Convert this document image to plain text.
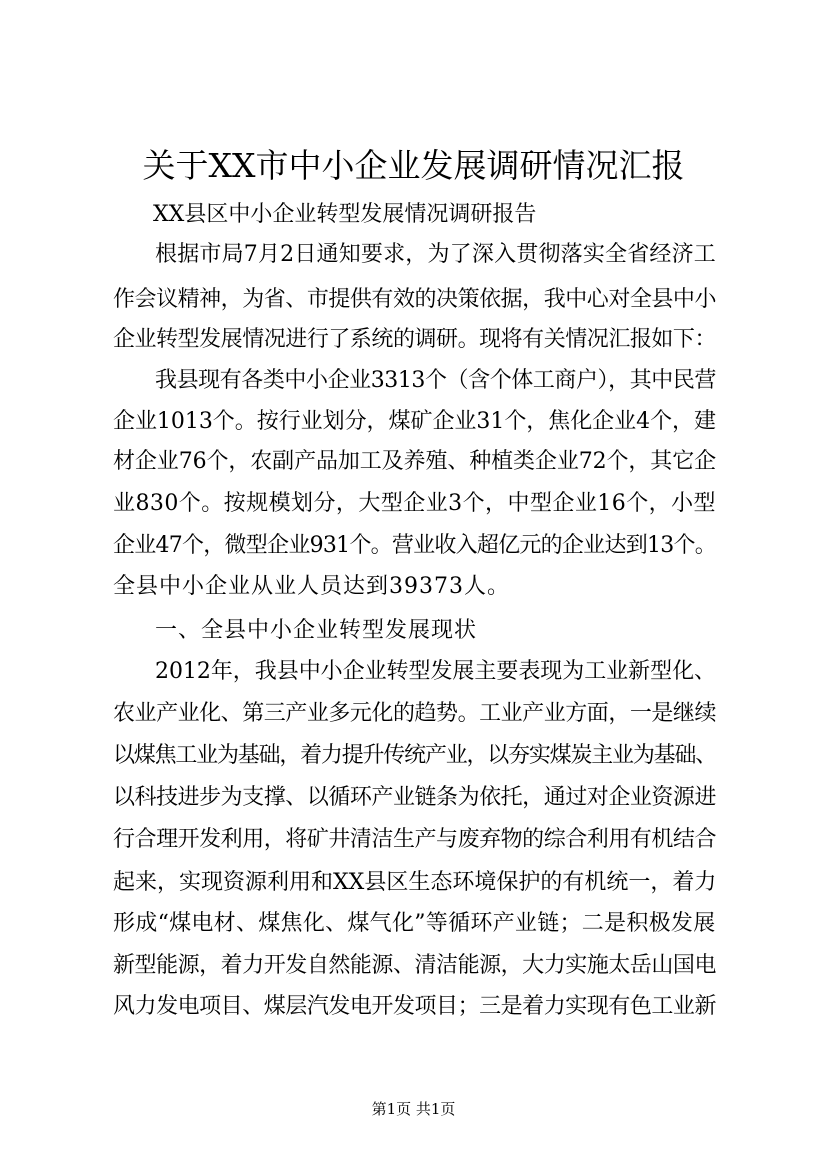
关于XX市中小企业发展调研情况汇报
XX县区中小企业转型发展情况调研报告
根据市局7月2日通知要求，为了深入贯彻落实全省经济工
作会议精神，为省、市提供有效的决策依据，我中心对全县中小
企业转型发展情况进行了系统的调研。现将有关情况汇报如下：
我县现有各类中小企业3313个（含个体工商户），其中民营
企业1013个。按行业划分，煤矿企业31个，焦化企业4个，建
材企业76个，农副产品加工及养殖、种植类企业72个，其它企
业830个。按规模划分，大型企业3个，中型企业16个，小型
企业47个，微型企业931个。营业收入超亿元的企业达到13个。
全县中小企业从业人员达到39373人。
一、全县中小企业转型发展现状
2012年，我县中小企业转型发展主要表现为工业新型化、
农业产业化、第三产业多元化的趋势。工业产业方面，一是继续
以煤焦工业为基础，着力提升传统产业，以夯实煤炭主业为基础、
以科技进步为支撑、以循环产业链条为依托，通过对企业资源进
行合理开发利用，将矿井清洁生产与废弃物的综合利用有机结合
起来，实现资源利用和XX县区生态环境保护的有机统一，着力
形成“煤电材、煤焦化、煤气化”等循环产业链；二是积极发展
新型能源，着力开发自然能源、清洁能源，大力实施太岳山国电
风力发电项目、煤层汽发电开发项目；三是着力实现有色工业新
第1页 共1页
